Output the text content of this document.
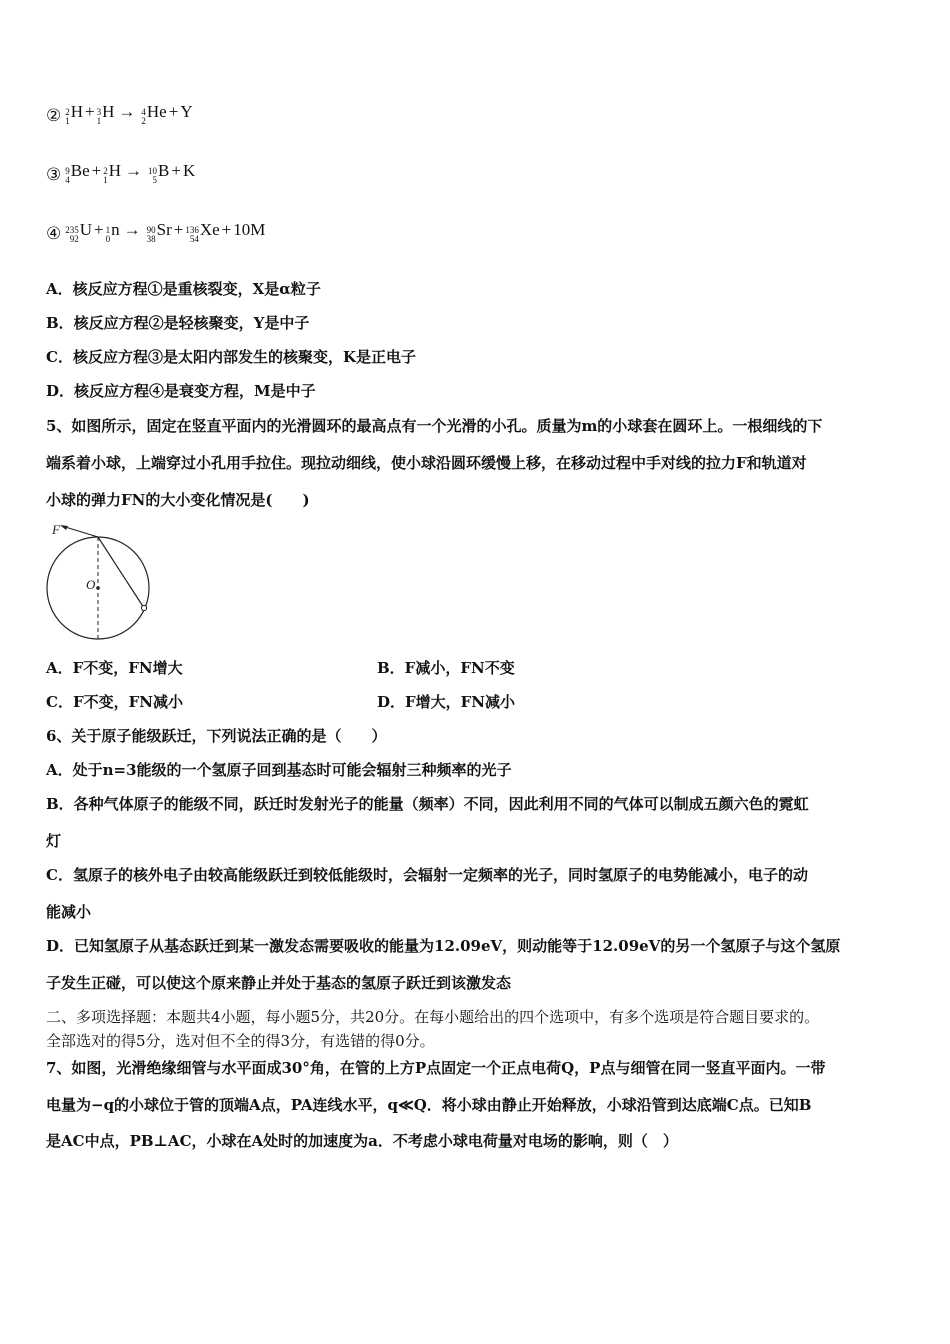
② 2
1 H + 3
1 H → 4
2 He + Y
③ 9
4 Be + 2
1 H → 10
5 B + K
④ 235
92 U + 1
0 n → 90
38 Sr + 136
54 Xe + 10M
A．核反应方程①是重核裂变，X是α粒子
B．核反应方程②是轻核聚变，Y是中子
C．核反应方程③是太阳内部发生的核聚变，K是正电子
D．核反应方程④是衰变方程，M是中子
5、如图所示，固定在竖直平面内的光滑圆环的最高点有一个光滑的小孔。质量为m的小球套在圆环上。一根细线的下
端系着小球，上端穿过小孔用手拉住。现拉动细线，使小球沿圆环缓慢上移，在移动过程中手对线的拉力F和轨道对
小球的弹力FN的大小变化情况是(　　)
F
O
A．F不变，FN增大	B．F减小，FN不变
C．F不变，FN减小	D．F增大，FN减小
6、关于原子能级跃迁，下列说法正确的是（　　）
A．处于n=3能级的一个氢原子回到基态时可能会辐射三种频率的光子
B．各种气体原子的能级不同，跃迁时发射光子的能量（频率）不同，因此利用不同的气体可以制成五颜六色的霓虹
灯
C．氢原子的核外电子由较高能级跃迁到较低能级时，会辐射一定频率的光子，同时氢原子的电势能减小，电子的动
能减小
D．已知氢原子从基态跃迁到某一激发态需要吸收的能量为12.09eV，则动能等于12.09eV的另一个氢原子与这个氢原
子发生正碰，可以使这个原来静止并处于基态的氢原子跃迁到该激发态
二、多项选择题：本题共4小题，每小题5分，共20分。在每小题给出的四个选项中，有多个选项是符合题目要求的。
全部选对的得5分，选对但不全的得3分，有选错的得0分。
7、如图，光滑绝缘细管与水平面成30°角，在管的上方P点固定一个正点电荷Q，P点与细管在同一竖直平面内。一带
电量为−q的小球位于管的顶端A点，PA连线水平，q≪Q．将小球由静止开始释放，小球沿管到达底端C点。已知B
是AC中点，PB⊥AC，小球在A处时的加速度为a．不考虑小球电荷量对电场的影响，则（　）
